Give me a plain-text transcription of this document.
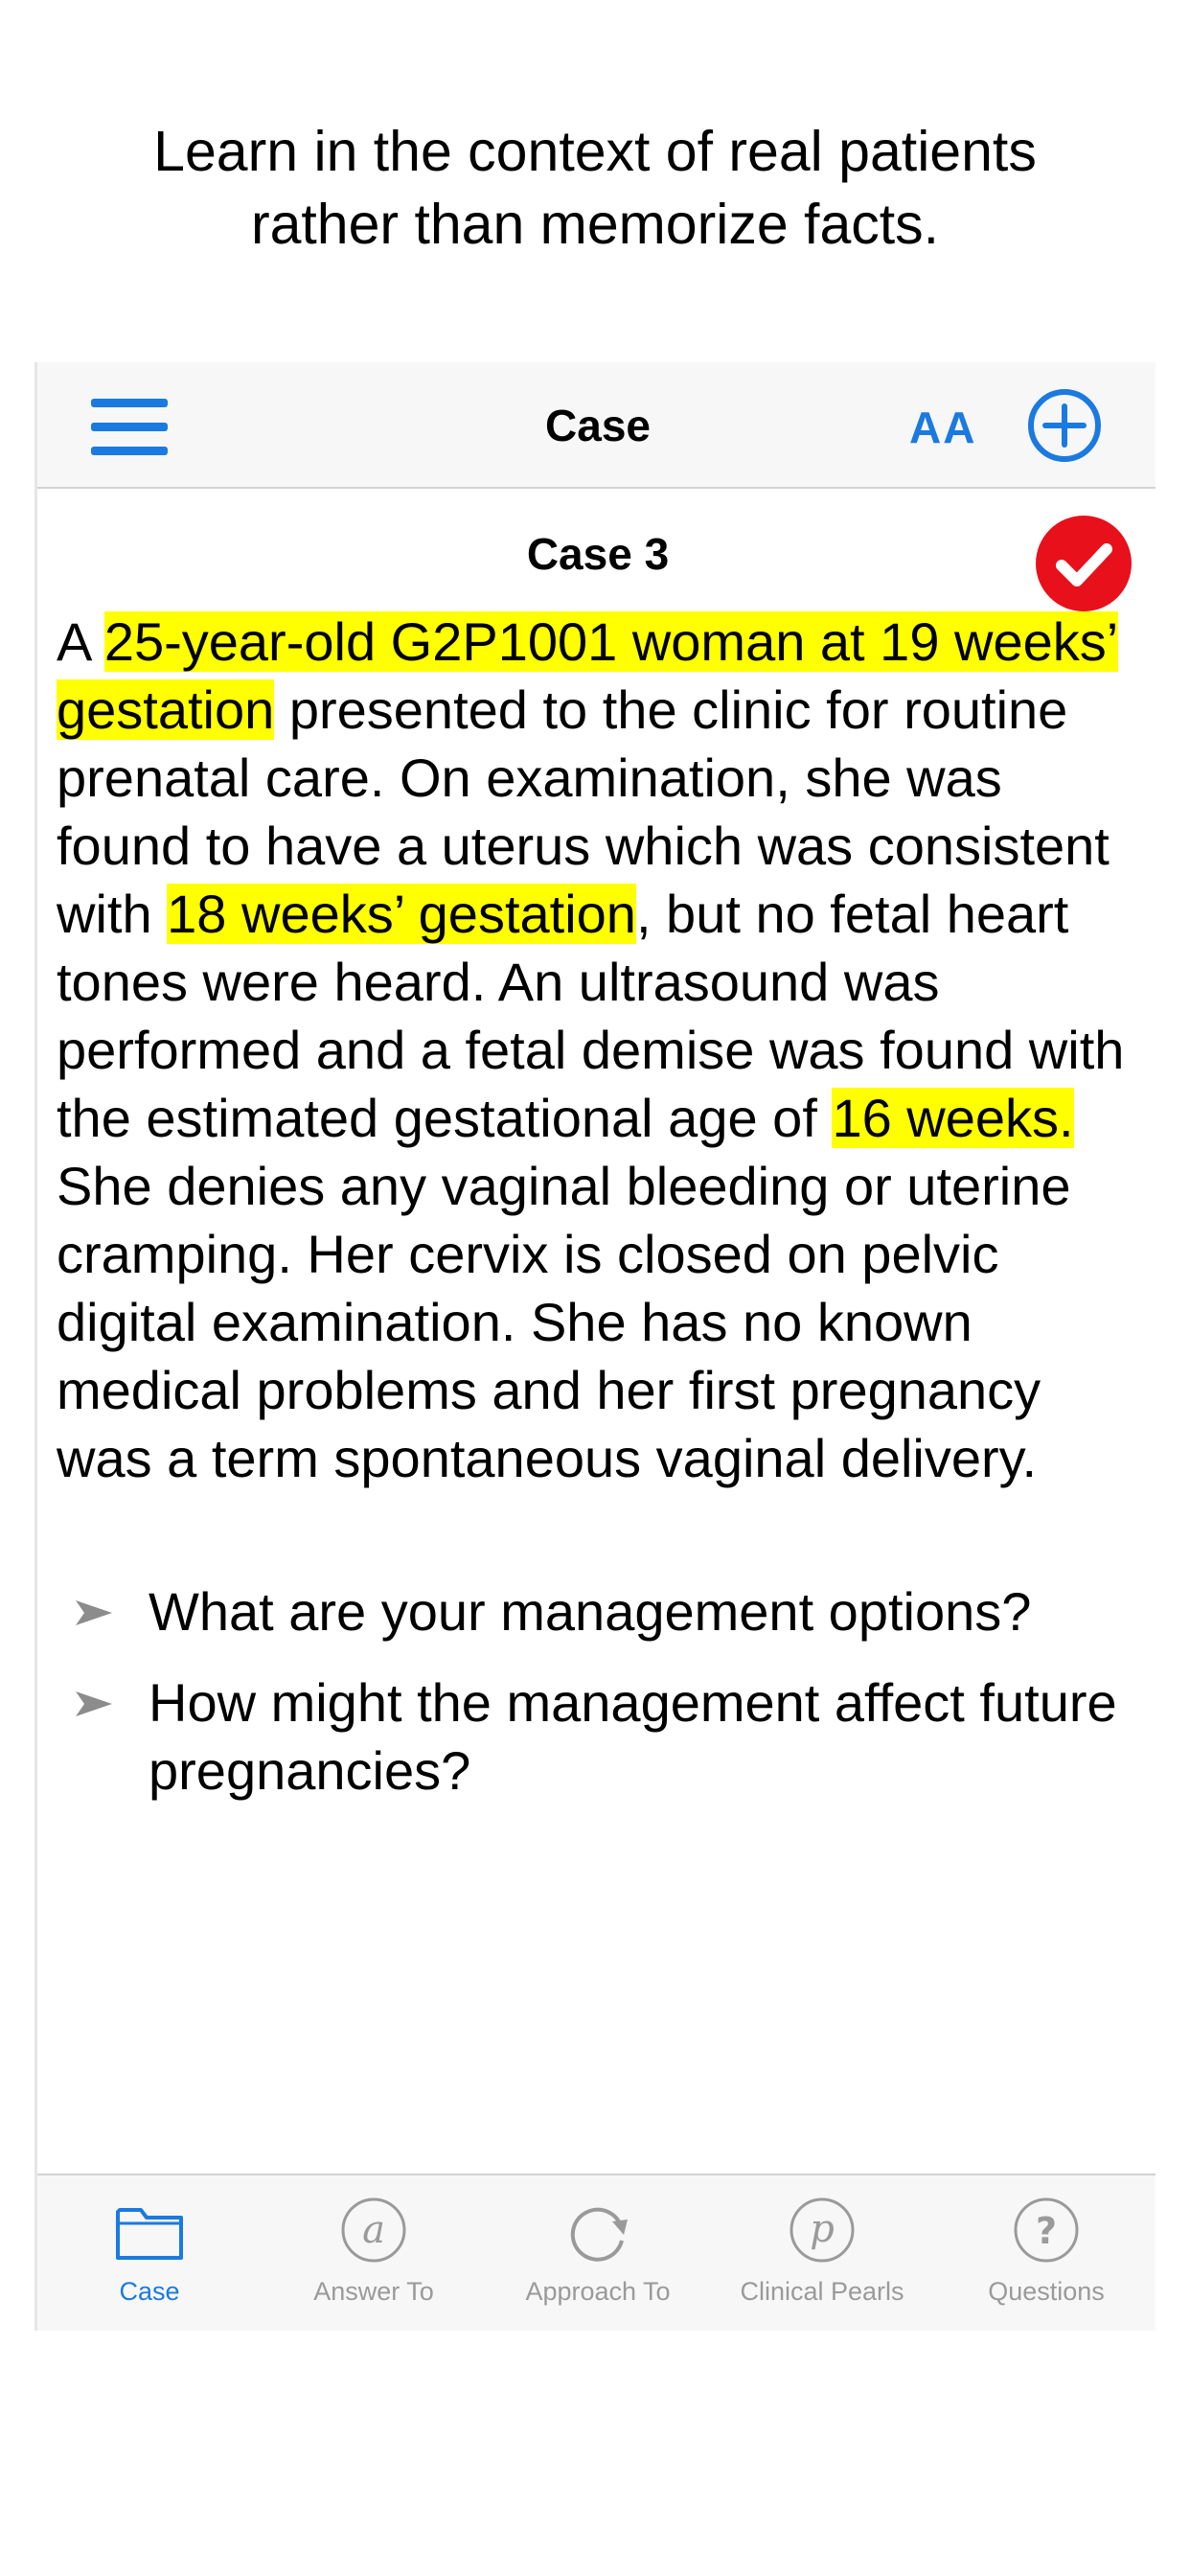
Learn in the context of real patients
rather than memorize facts.
Case	AA
Case 3

A 25-year-old G2P1001 woman at 19 weeks’ gestation presented to the clinic for routine prenatal care. On examination, she was found to have a uterus which was consistent with 18 weeks’ gestation, but no fetal heart tones were heard. An ultrasound was performed and a fetal demise was found with the estimated gestational age of 16 weeks. She denies any vaginal bleeding or uterine cramping. Her cervix is closed on pelvic digital examination. She has no known medical problems and her first pregnancy was a term spontaneous vaginal delivery.

What are your management options?
How might the management affect future pregnancies?
Case
a
Answer To	Approach To
p
Clinical Pearls
?
Questions
